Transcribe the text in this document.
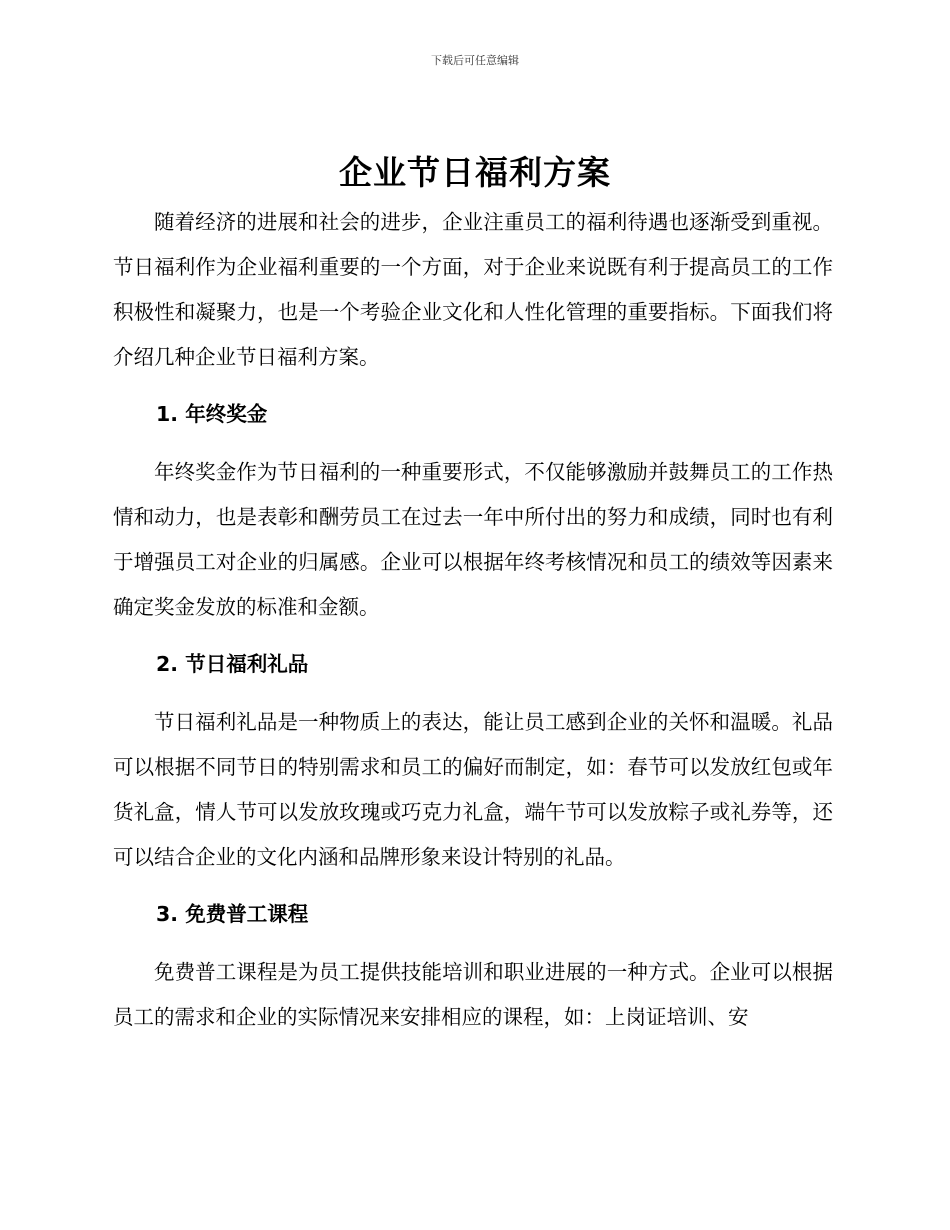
下载后可任意编辑
企业节日福利方案

随着经济的进展和社会的进步，企业注重员工的福利待遇也逐渐受到重视。节日福利作为企业福利重要的一个方面，对于企业来说既有利于提高员工的工作积极性和凝聚力，也是一个考验企业文化和人性化管理的重要指标。下面我们将介绍几种企业节日福利方案。

1. 年终奖金

年终奖金作为节日福利的一种重要形式，不仅能够激励并鼓舞员工的工作热情和动力，也是表彰和酬劳员工在过去一年中所付出的努力和成绩，同时也有利于增强员工对企业的归属感。企业可以根据年终考核情况和员工的绩效等因素来确定奖金发放的标准和金额。

2. 节日福利礼品

节日福利礼品是一种物质上的表达，能让员工感到企业的关怀和温暖。礼品可以根据不同节日的特别需求和员工的偏好而制定，如：春节可以发放红包或年货礼盒，情人节可以发放玫瑰或巧克力礼盒，端午节可以发放粽子或礼券等，还可以结合企业的文化内涵和品牌形象来设计特别的礼品。

3. 免费普工课程

免费普工课程是为员工提供技能培训和职业进展的一种方式。企业可以根据员工的需求和企业的实际情况来安排相应的课程，如：上岗证培训、安
